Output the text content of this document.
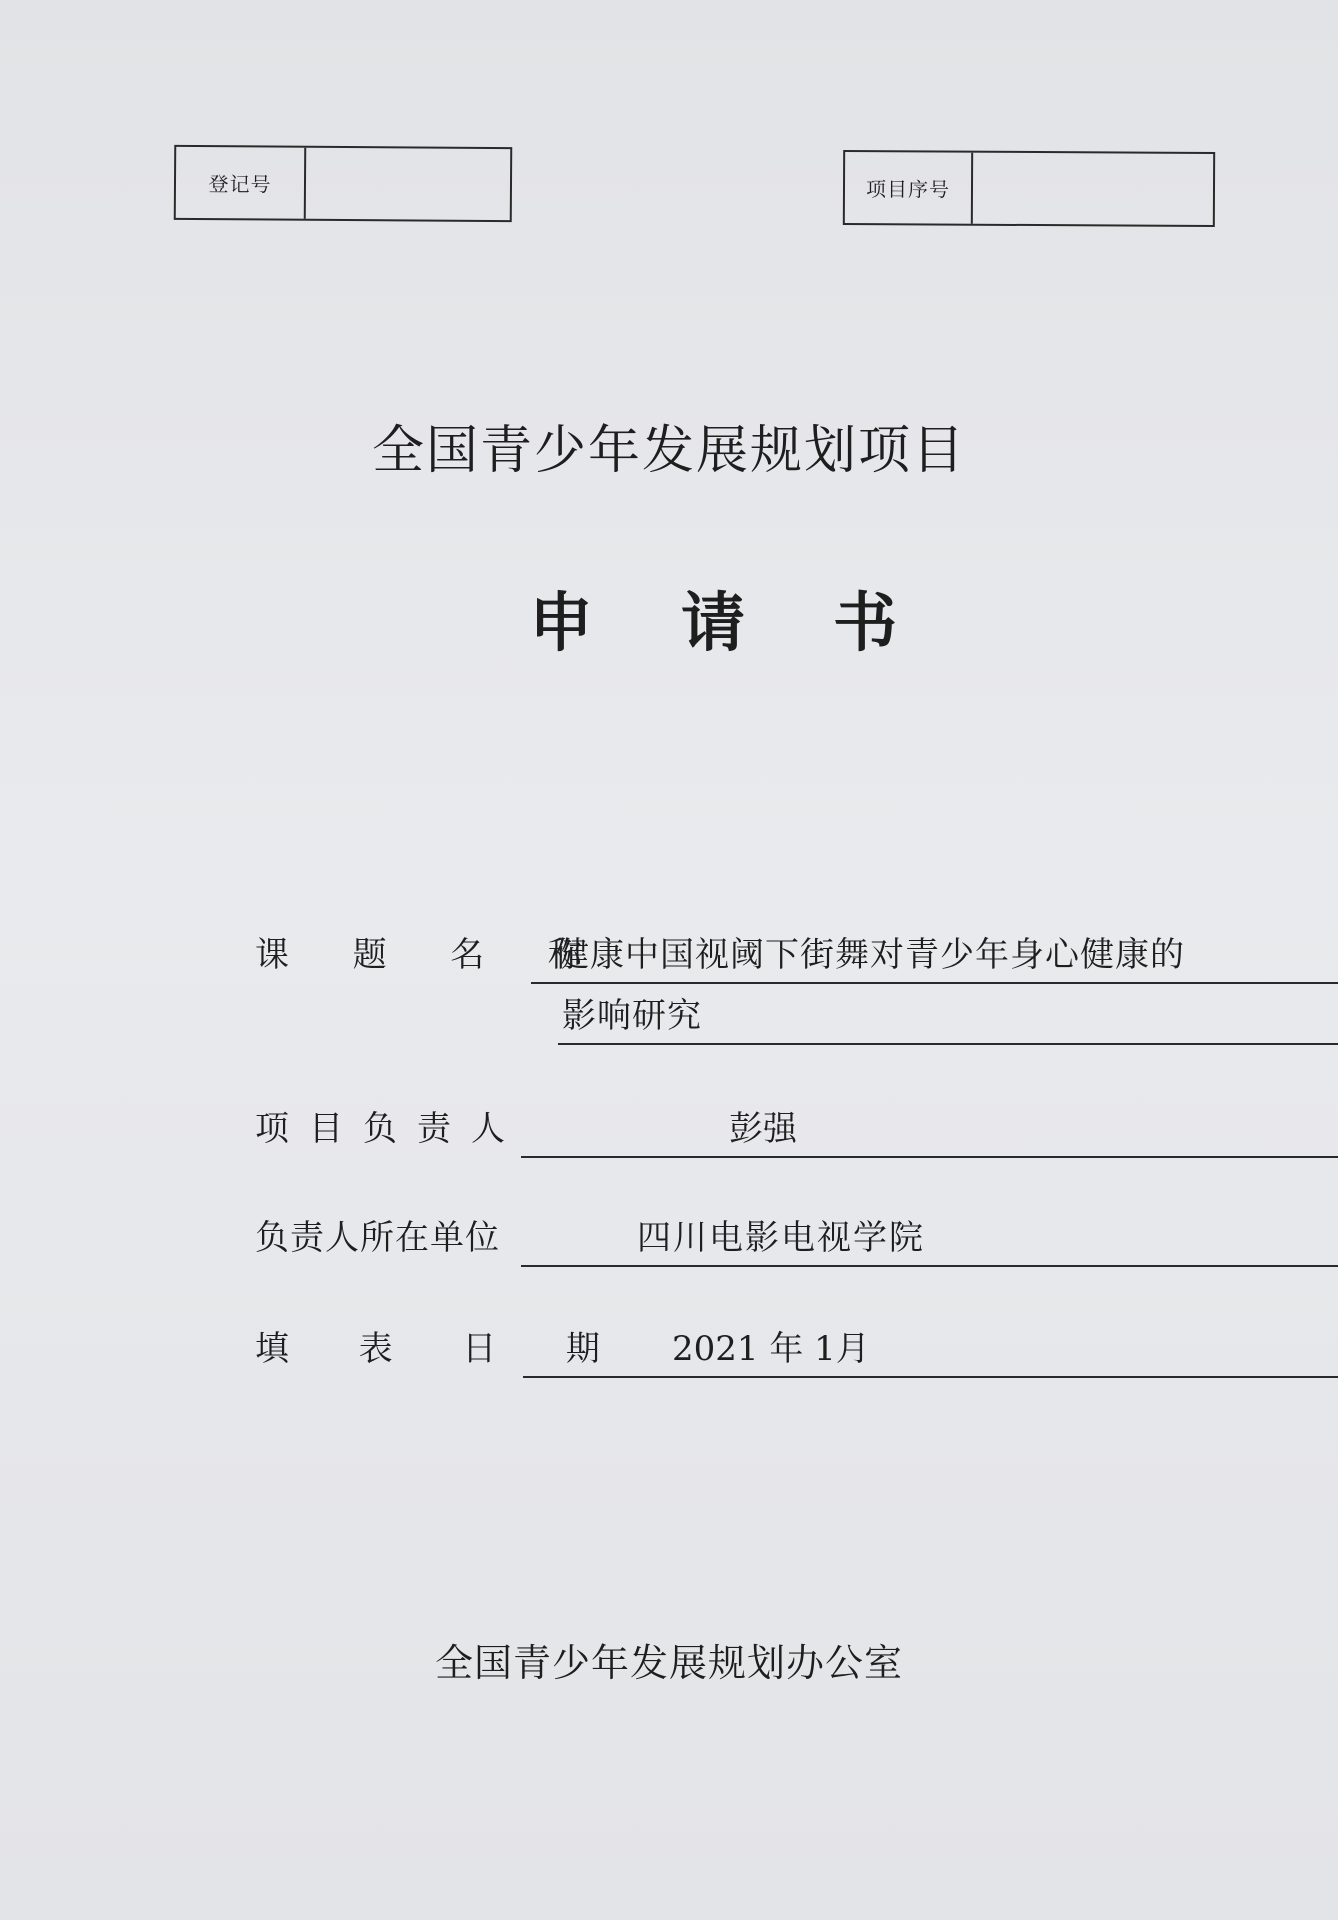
登记号	项目序号
全国青少年发展规划项目
申请书
课  题  名  称
健康中国视阈下街舞对青少年身心健康的
影响研究
项目负责人	彭强
负责人所在单位	四川电影电视学院
填  表  日  期 2021 年 1月
全国青少年发展规划办公室
